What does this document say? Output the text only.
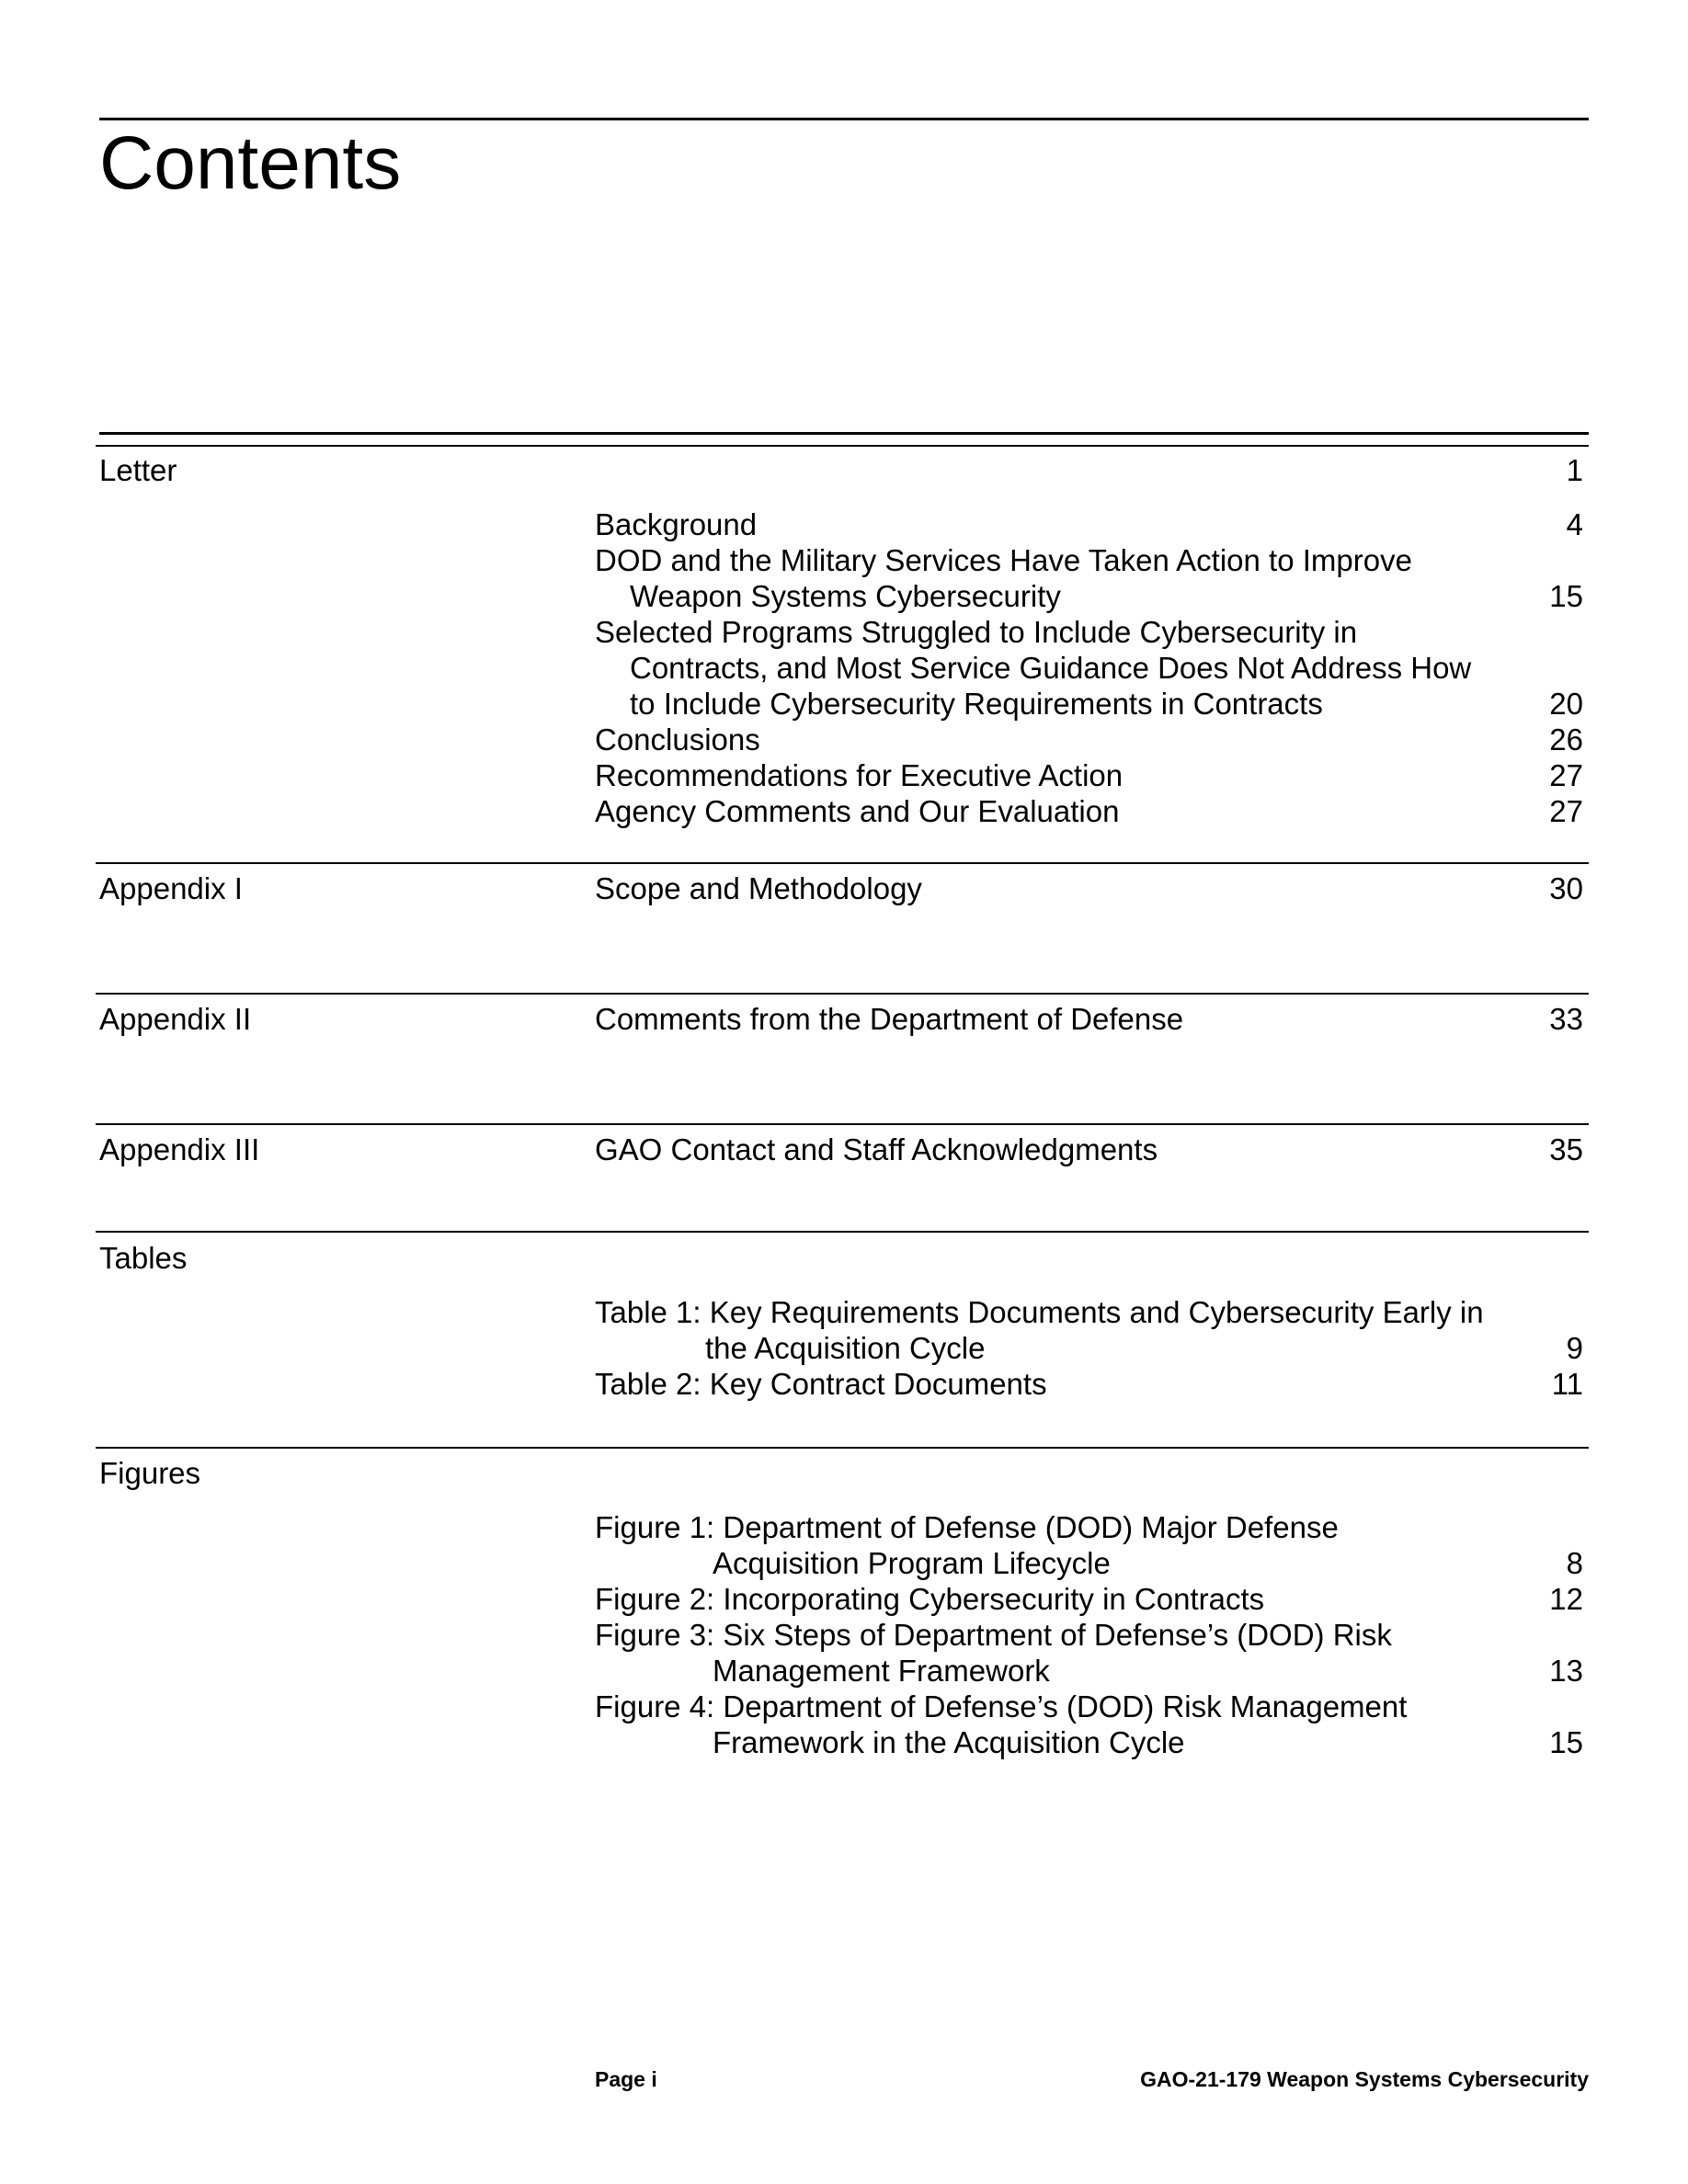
Contents
Letter	1
Background	4
DOD and the Military Services Have Taken Action to Improve
Weapon Systems Cybersecurity	15
Selected Programs Struggled to Include Cybersecurity in
Contracts, and Most Service Guidance Does Not Address How
to Include Cybersecurity Requirements in Contracts	20
Conclusions	26
Recommendations for Executive Action	27
Agency Comments and Our Evaluation	27
Appendix I	Scope and Methodology	30
Appendix II	Comments from the Department of Defense	33
Appendix III	GAO Contact and Staff Acknowledgments	35
Tables
Table 1: Key Requirements Documents and Cybersecurity Early in
the Acquisition Cycle	9
Table 2: Key Contract Documents	11
Figures
Figure 1: Department of Defense (DOD) Major Defense
Acquisition Program Lifecycle	8
Figure 2: Incorporating Cybersecurity in Contracts	12
Figure 3: Six Steps of Department of Defense’s (DOD) Risk
Management Framework	13
Figure 4: Department of Defense’s (DOD) Risk Management
Framework in the Acquisition Cycle	15
Page i	GAO-21-179 Weapon Systems Cybersecurity
